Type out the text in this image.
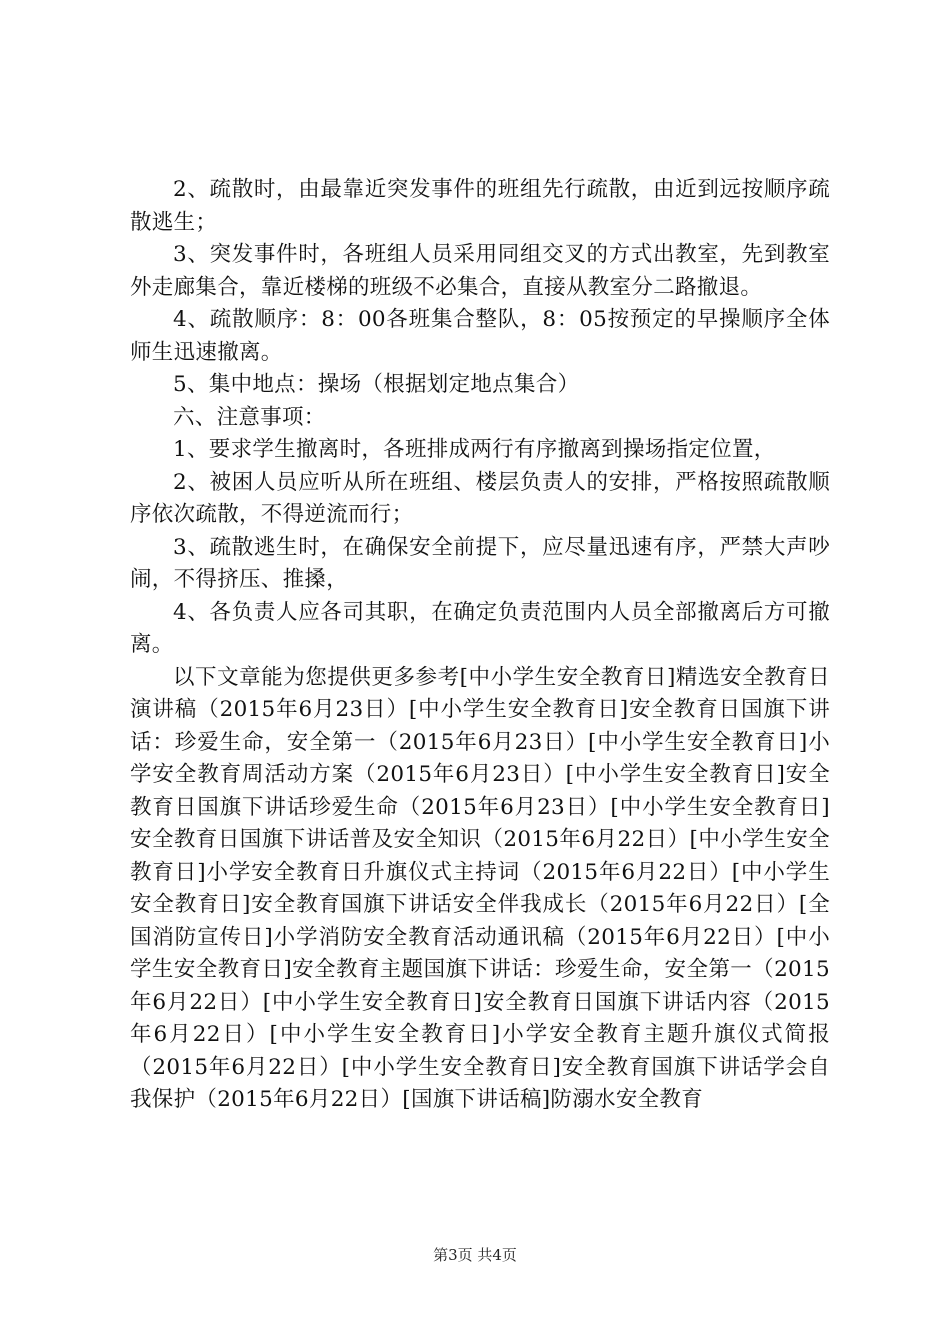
2、疏散时，由最靠近突发事件的班组先行疏散，由近到远按顺序疏散逃生；

3、突发事件时，各班组人员采用同组交叉的方式出教室，先到教室外走廊集合，靠近楼梯的班级不必集合，直接从教室分二路撤退。

4、疏散顺序：8：00各班集合整队，8：05按预定的早操顺序全体师生迅速撤离。

5、集中地点：操场（根据划定地点集合）

六、注意事项：

1、要求学生撤离时，各班排成两行有序撤离到操场指定位置，

2、被困人员应听从所在班组、楼层负责人的安排，严格按照疏散顺序依次疏散，不得逆流而行；

3、疏散逃生时，在确保安全前提下，应尽量迅速有序，严禁大声吵闹，不得挤压、推搡，

4、各负责人应各司其职，在确定负责范围内人员全部撤离后方可撤离。

以下文章能为您提供更多参考[中小学生安全教育日]精选安全教育日演讲稿（2015年6月23日）[中小学生安全教育日]安全教育日国旗下讲话：珍爱生命，安全第一（2015年6月23日）[中小学生安全教育日]小学安全教育周活动方案（2015年6月23日）[中小学生安全教育日]安全教育日国旗下讲话珍爱生命（2015年6月23日）[中小学生安全教育日]安全教育日国旗下讲话普及安全知识（2015年6月22日）[中小学生安全教育日]小学安全教育日升旗仪式主持词（2015年6月22日）[中小学生安全教育日]安全教育国旗下讲话安全伴我成长（2015年6月22日）[全国消防宣传日]小学消防安全教育活动通讯稿（2015年6月22日）[中小学生安全教育日]安全教育主题国旗下讲话：珍爱生命，安全第一（2015年6月22日）[中小学生安全教育日]安全教育日国旗下讲话内容（2015年6月22日）[中小学生安全教育日]小学安全教育主题升旗仪式简报（2015年6月22日）[中小学生安全教育日]安全教育国旗下讲话学会自我保护（2015年6月22日）[国旗下讲话稿]防溺水安全教育

第3页 共4页
